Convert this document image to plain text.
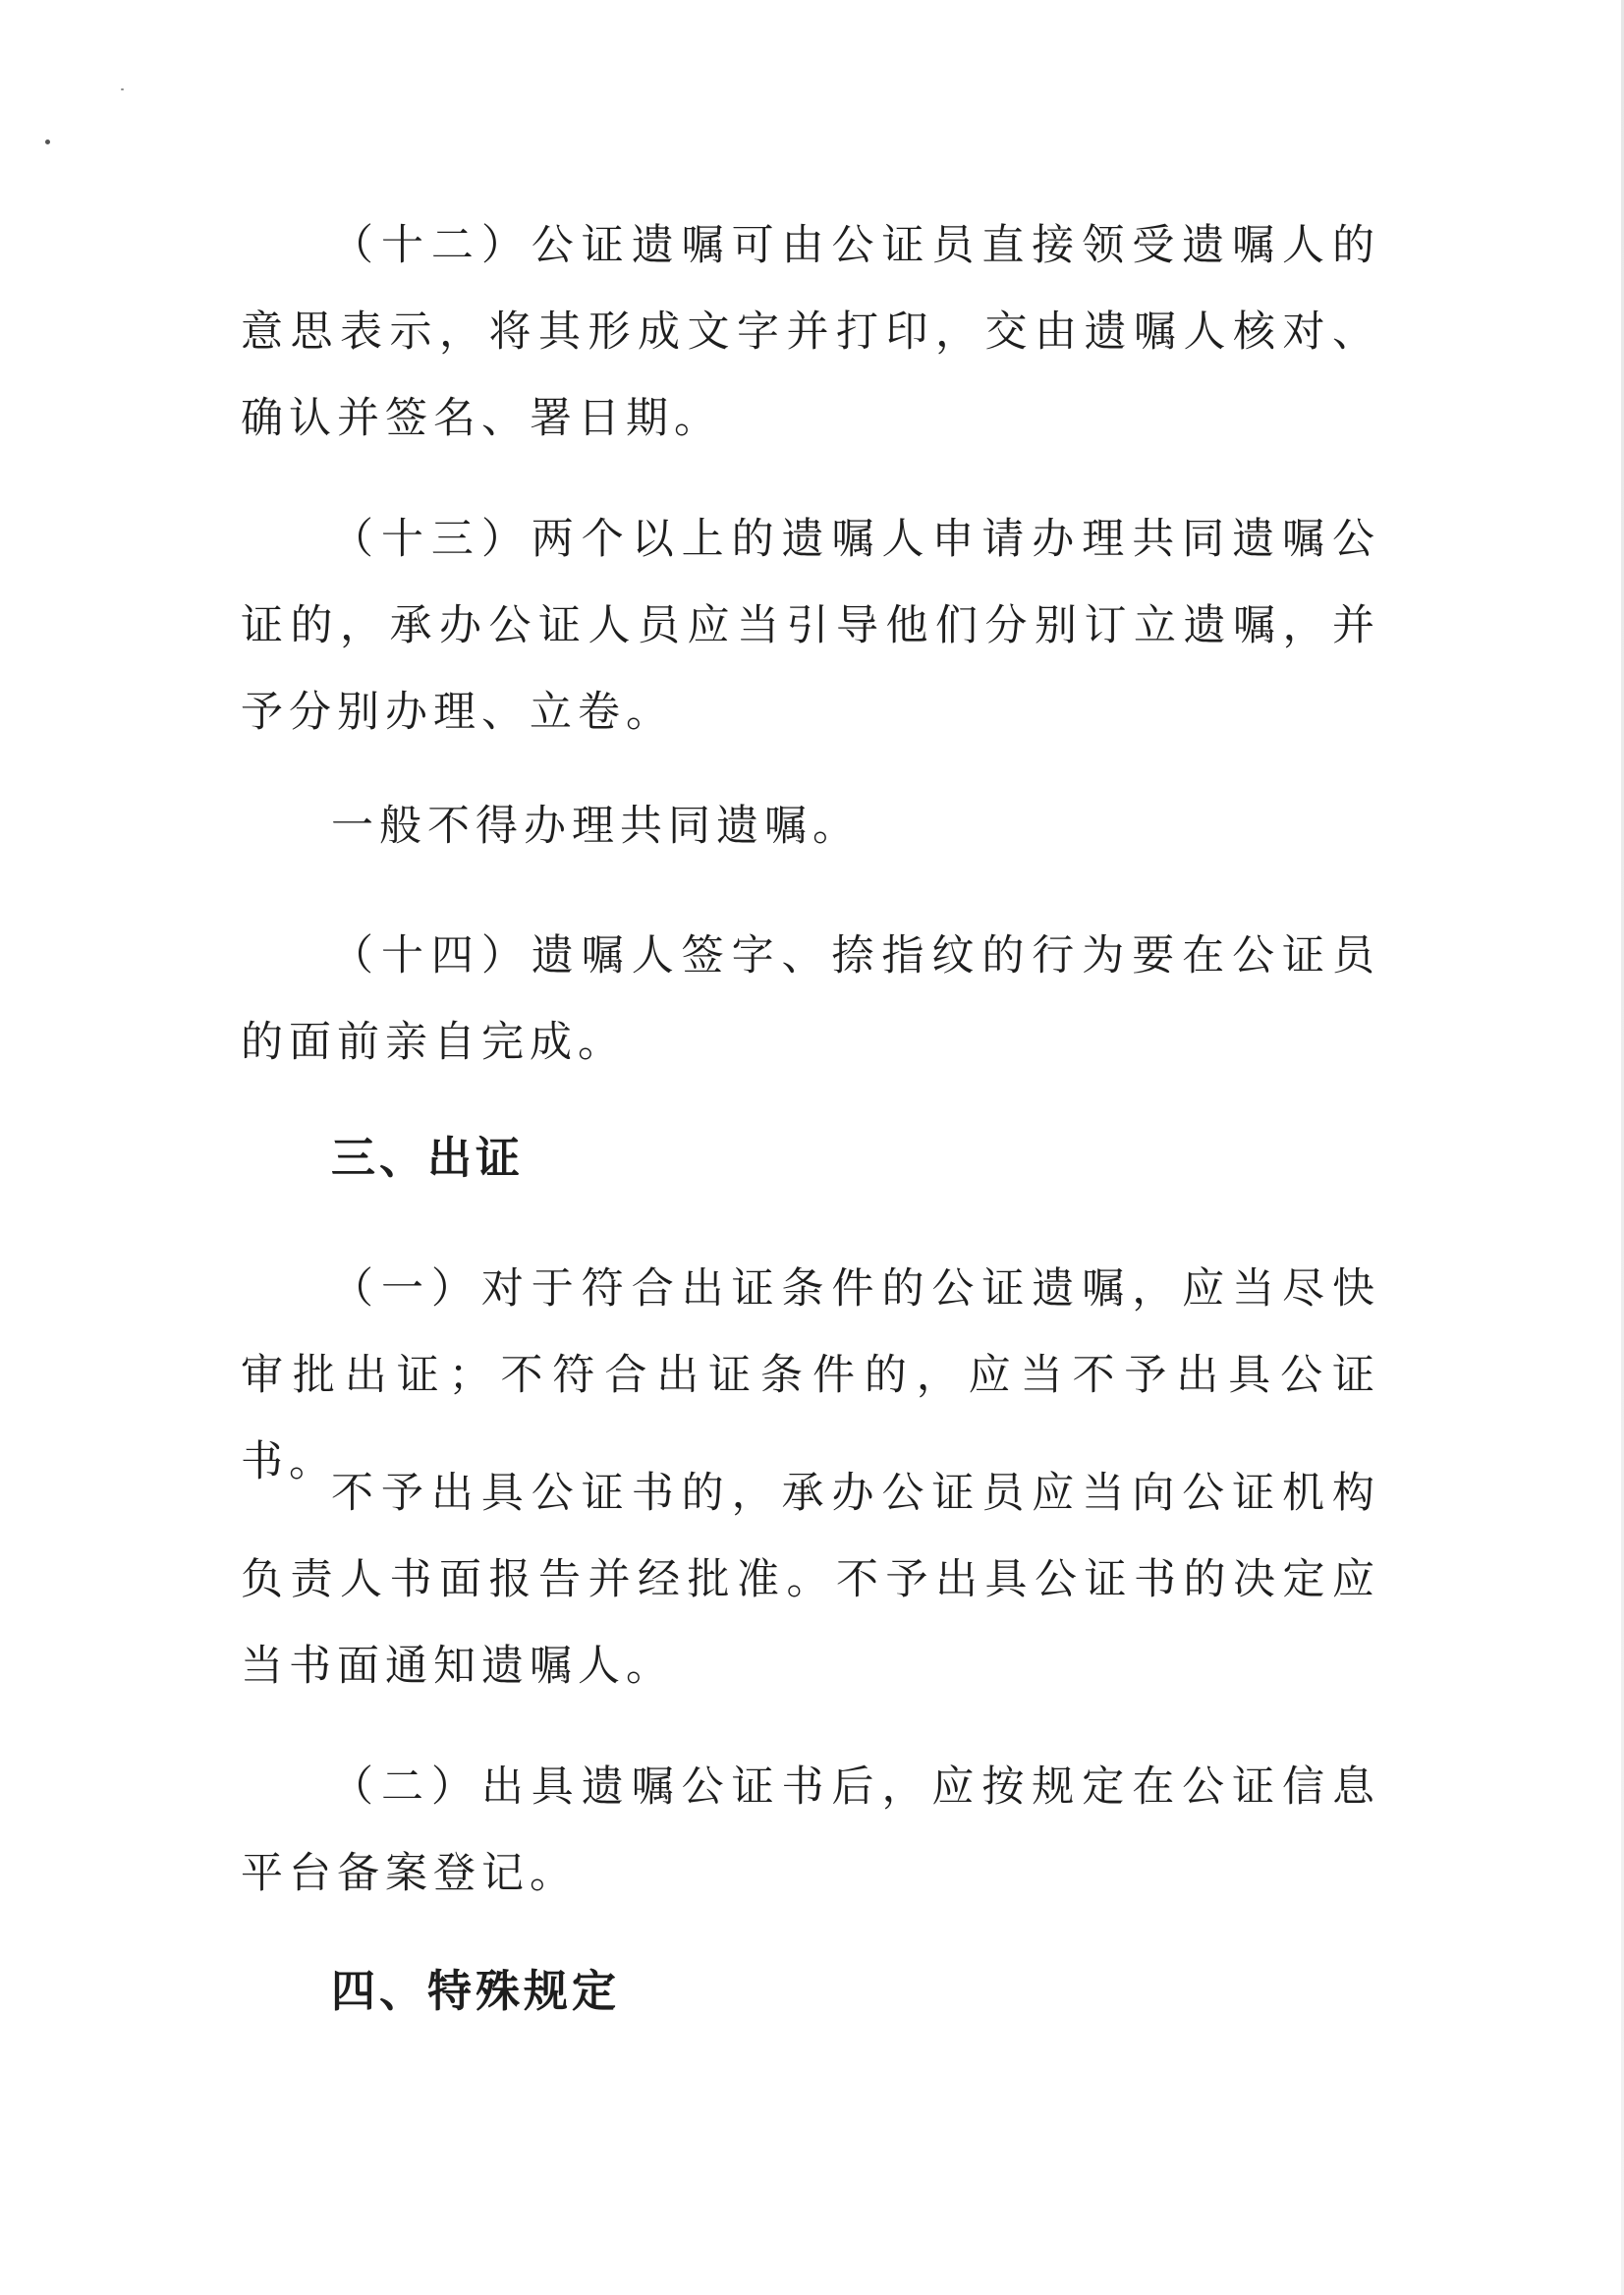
（十二）公证遗嘱可由公证员直接领受遗嘱人的意思表示，将其形成文字并打印，交由遗嘱人核对、确认并签名、署日期。

（十三）两个以上的遗嘱人申请办理共同遗嘱公证的，承办公证人员应当引导他们分别订立遗嘱，并予分别办理、立卷。

一般不得办理共同遗嘱。

（十四）遗嘱人签字、捺指纹的行为要在公证员的面前亲自完成。

三、出证

（一）对于符合出证条件的公证遗嘱，应当尽快审批出证；不符合出证条件的，应当不予出具公证书。

不予出具公证书的，承办公证员应当向公证机构负责人书面报告并经批准。不予出具公证书的决定应当书面通知遗嘱人。

（二）出具遗嘱公证书后，应按规定在公证信息平台备案登记。

四、特殊规定
